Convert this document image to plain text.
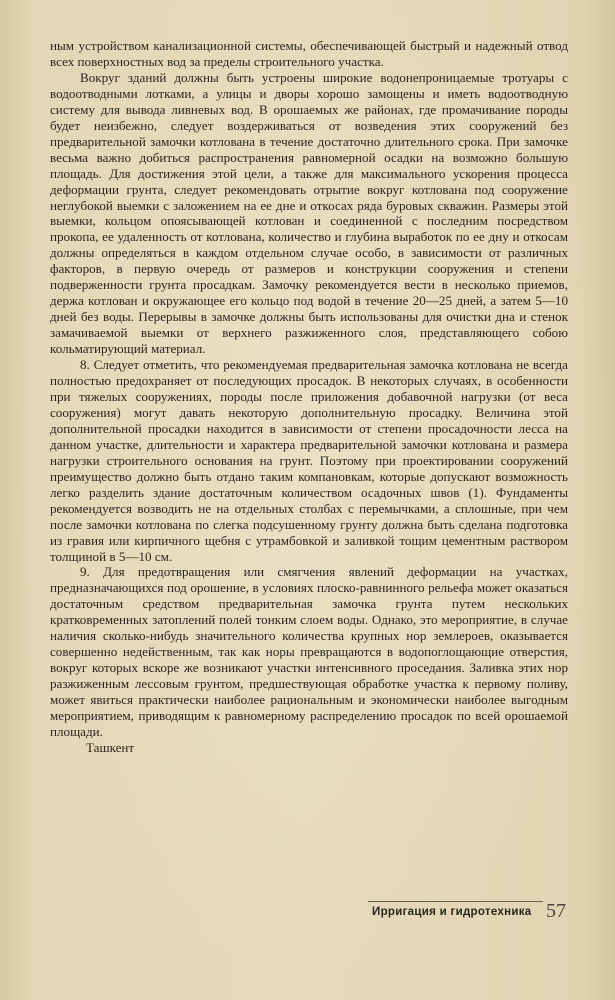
ным устройством канализационной системы, обеспечивающей быстрый и надежный отвод всех поверхностных вод за пределы строительного участка.

Вокруг зданий должны быть устроены широкие водонепроницаемые тротуары с водоотводными лотками, а улицы и дворы хорошо замощены и иметь водоотводную систему для вывода ливневых вод. В орошаемых же районах, где промачивание породы будет неизбежно, следует воздерживаться от возведения этих сооружений без предварительной замочки котлована в течение достаточно длительного срока. При замочке весьма важно добиться распространения равномерной осадки на возможно большую площадь. Для достижения этой цели, а также для максимального ускорения процесса деформации грунта, следует рекомендовать отрытие вокруг котлована под сооружение неглубокой выемки с заложением на ее дне и откосах ряда буровых скважин. Размеры этой выемки, кольцом опоясывающей котлован и соединенной с последним посредством прокопа, ее удаленность от котлована, количество и глубина выработок по ее дну и откосам должны определяться в каждом отдельном случае особо, в зависимости от различных факторов, в первую очередь от размеров и конструкции сооружения и степени подверженности грунта просадкам. Замочку рекомендуется вести в несколько приемов, держа котлован и окружающее его кольцо под водой в течение 20—25 дней, а затем 5—10 дней без воды. Перерывы в замочке должны быть использованы для очистки дна и стенок замачиваемой выемки от верхнего разжиженного слоя, представляющего собою кольматирующий материал.

8. Следует отметить, что рекомендуемая предварительная замочка котлована не всегда полностью предохраняет от последующих просадок. В некоторых случаях, в особенности при тяжелых сооружениях, породы после приложения добавочной нагрузки (от веса сооружения) могут давать некоторую дополнительную просадку. Величина этой дополнительной просадки находится в зависимости от степени просадочности лесса на данном участке, длительности и характера предварительной замочки котлована и размера нагрузки строительного основания на грунт. Поэтому при проектировании сооружений преимущество должно быть отдано таким компановкам, которые допускают возможность легко разделить здание достаточным количеством осадочных швов (1). Фундаменты рекомендуется возводить не на отдельных столбах с перемычками, а сплошные, при чем после замочки котлована по слегка подсушенному грунту должна быть сделана подготовка из гравия или кирпичного щебня с утрамбовкой и заливкой тощим цементным раствором толщиной в 5—10 см.

9. Для предотвращения или смягчения явлений деформации на участках, предназначающихся под орошение, в условиях плоско-равнинного рельефа может оказаться достаточным средством предварительная замочка грунта путем нескольких кратковременных затоплений полей тонким слоем воды. Однако, это мероприятие, в случае наличия сколько-нибудь значительного количества крупных нор землероев, оказывается совершенно недейственным, так как норы превращаются в водопоглощающие отверстия, вокруг которых вскоре же возникают участки интенсивного проседания. Заливка этих нор разжиженным лессовым грунтом, предшествующая обработке участка к первому поливу, может явиться практически наиболее рациональным и экономически наиболее выгодным мероприятием, приводящим к равномерному распределению просадок по всей орошаемой площади.

Ташкент

Ирригация и гидротехника 57
